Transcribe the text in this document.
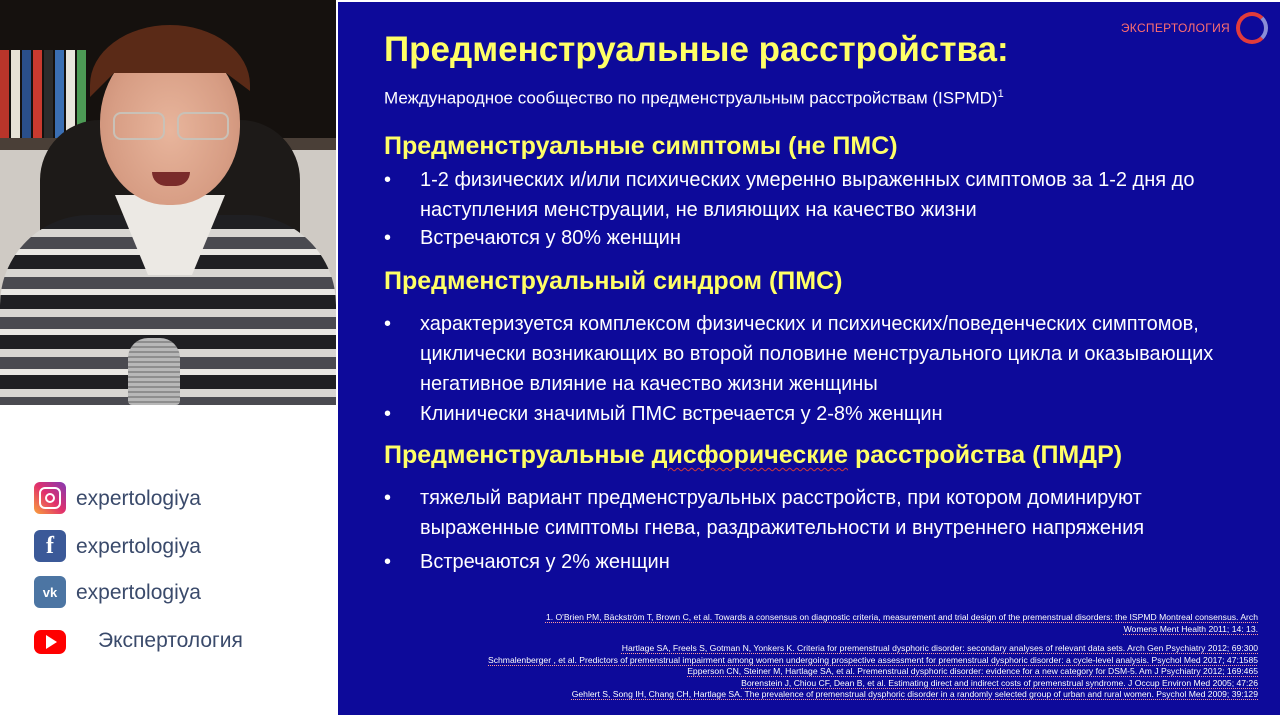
expertologiya
f	expertologiya
vk expertologiya
Экспертология
ЭКСПЕРТОЛОГИЯ
Предменструальные расстройства:
Международное сообщество по предменструальным расстройствам (ISPMD)$^1$
Предменструальные симптомы (не ПМС)
• 1-2 физических и/или психических умеренно выраженных симптомов за 1-2 дня до наступления менструации, не влияющих на качество жизни
• Встречаются у 80% женщин
Предменструальный синдром (ПМС)
• характеризуется комплексом физических и психических/поведенческих симптомов, циклически возникающих во второй половине менструального цикла и оказывающих негативное влияние на качество жизни женщины
• Клинически значимый ПМС встречается у 2-8% женщин
Предменструальные дисфорические расстройства (ПМДР)
• тяжелый вариант предменструальных расстройств, при котором доминируют выраженные симптомы гнева, раздражительности и внутреннего напряжения
• Встречаются у 2% женщин
1. O'Brien PM, Bäckström T, Brown C, et al. Towards a consensus on diagnostic criteria, measurement and trial design of the premenstrual disorders: the ISPMD Montreal consensus. Arch
Womens Ment Health 2011; 14: 13.
Hartlage SA, Freels S, Gotman N, Yonkers K. Criteria for premenstrual dysphoric disorder: secondary analyses of relevant data sets. Arch Gen Psychiatry 2012; 69:300
Schmalenberger , et al. Predictors of premenstrual impairment among women undergoing prospective assessment for premenstrual dysphoric disorder: a cycle-level analysis. Psychol Med 2017; 47:1585
Epperson CN, Steiner M, Hartlage SA, et al. Premenstrual dysphoric disorder: evidence for a new category for DSM-5. Am J Psychiatry 2012; 169:465
Borenstein J, Chiou CF, Dean B, et al. Estimating direct and indirect costs of premenstrual syndrome. J Occup Environ Med 2005; 47:26
Gehlert S, Song IH, Chang CH, Hartlage SA. The prevalence of premenstrual dysphoric disorder in a randomly selected group of urban and rural women. Psychol Med 2009; 39:129
